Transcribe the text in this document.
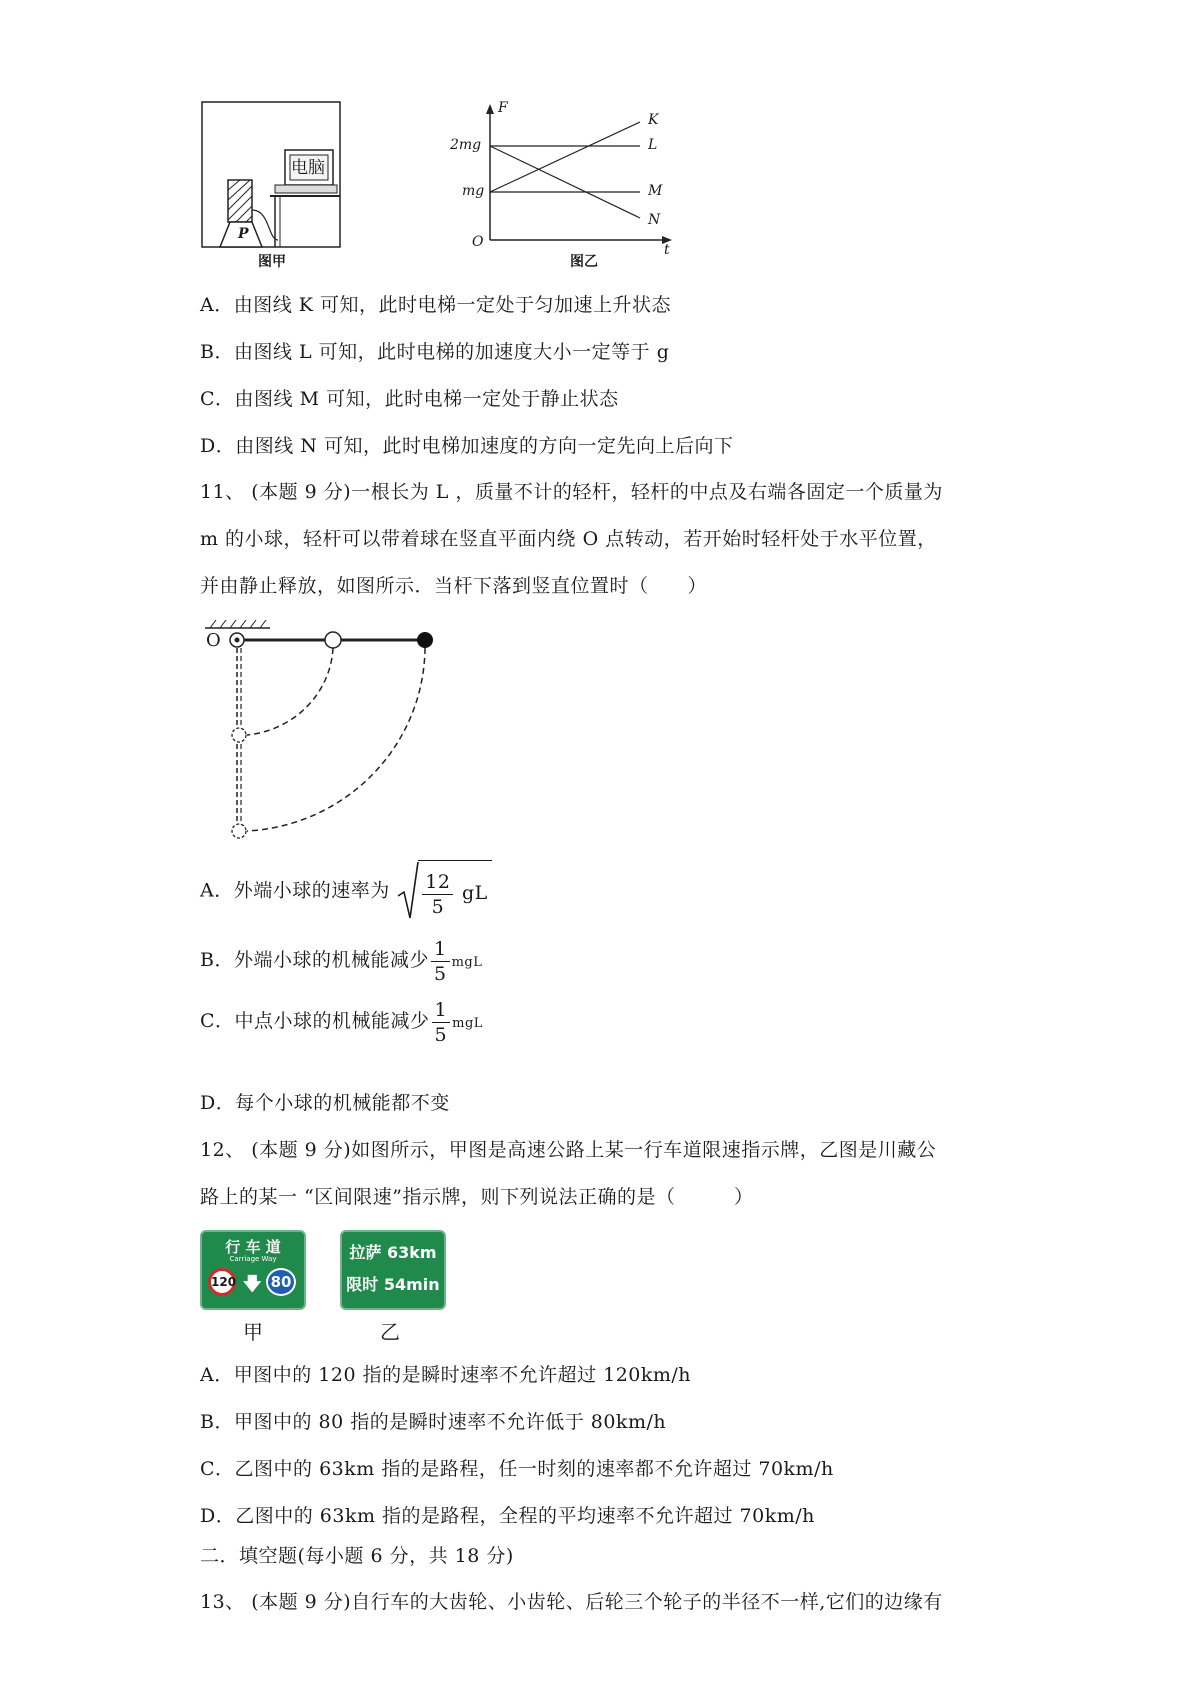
电脑
P
图甲
F
t
O
2mg
mg
K
L
M
N
图乙
A．由图线 K 可知，此时电梯一定处于匀加速上升状态
B．由图线 L 可知，此时电梯的加速度大小一定等于 g
C．由图线 M 可知，此时电梯一定处于静止状态
D．由图线 N 可知，此时电梯加速度的方向一定先向上后向下
11、 (本题 9 分)一根长为 L ，质量不计的轻杆，轻杆的中点及右端各固定一个质量为
m 的小球，轻杆可以带着球在竖直平面内绕 O 点转动，若开始时轻杆处于水平位置，
并由静止释放，如图所示．当杆下落到竖直位置时（　　）
O
A．外端小球的速率为 $\frac{12}{5}$ gL
B．外端小球的机械能减少 $\frac{1}{5}$ mgL
C．中点小球的机械能减少 $\frac{1}{5}$ mgL
D．每个小球的机械能都不变
12、 (本题 9 分)如图所示，甲图是高速公路上某一行车道限速指示牌，乙图是川藏公
路上的某一 “区间限速”指示牌，则下列说法正确的是（　　　）
行 车 道
Carriage Way
120 🡇 80
甲
拉萨 63km
限时 54min
乙
A．甲图中的 120 指的是瞬时速率不允许超过 120km/h
B．甲图中的 80 指的是瞬时速率不允许低于 80km/h
C．乙图中的 63km 指的是路程，任一时刻的速率都不允许超过 70km/h
D．乙图中的 63km 指的是路程，全程的平均速率不允许超过 70km/h
二．填空题(每小题 6 分，共 18 分)
13、 (本题 9 分)自行车的大齿轮、小齿轮、后轮三个轮子的半径不一样,它们的边缘有
